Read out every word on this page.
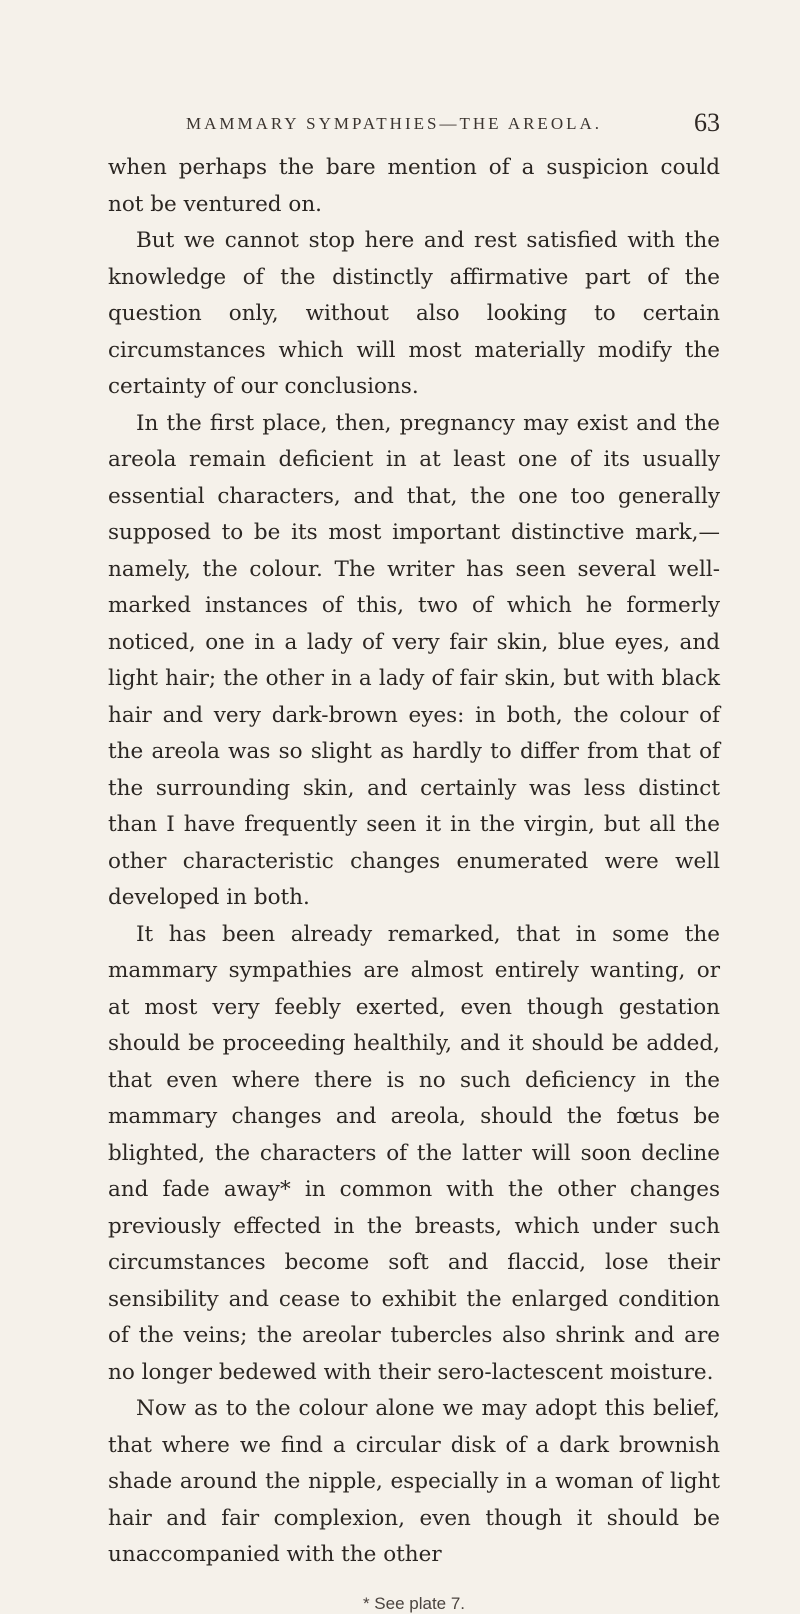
MAMMARY SYMPATHIES—THE AREOLA.	63

when perhaps the bare mention of a suspicion could not be ventured on.

But we cannot stop here and rest satisfied with the knowledge of the distinctly affirmative part of the question only, without also looking to certain circumstances which will most materially modify the certainty of our conclusions.

In the first place, then, pregnancy may exist and the areola remain deficient in at least one of its usually essential characters, and that, the one too generally supposed to be its most important distinctive mark,—namely, the colour. The writer has seen several well-marked instances of this, two of which he formerly noticed, one in a lady of very fair skin, blue eyes, and light hair; the other in a lady of fair skin, but with black hair and very dark-brown eyes: in both, the colour of the areola was so slight as hardly to differ from that of the surrounding skin, and certainly was less distinct than I have frequently seen it in the virgin, but all the other characteristic changes enumerated were well developed in both.

It has been already remarked, that in some the mammary sympathies are almost entirely wanting, or at most very feebly exerted, even though gestation should be proceeding healthily, and it should be added, that even where there is no such deficiency in the mammary changes and areola, should the fœtus be blighted, the characters of the latter will soon decline and fade away* in common with the other changes previously effected in the breasts, which under such circumstances become soft and flaccid, lose their sensibility and cease to exhibit the enlarged condition of the veins; the areolar tubercles also shrink and are no longer bedewed with their sero-lactescent moisture.

Now as to the colour alone we may adopt this belief, that where we find a circular disk of a dark brownish shade around the nipple, especially in a woman of light hair and fair complexion, even though it should be unaccompanied with the other

* See plate 7.
